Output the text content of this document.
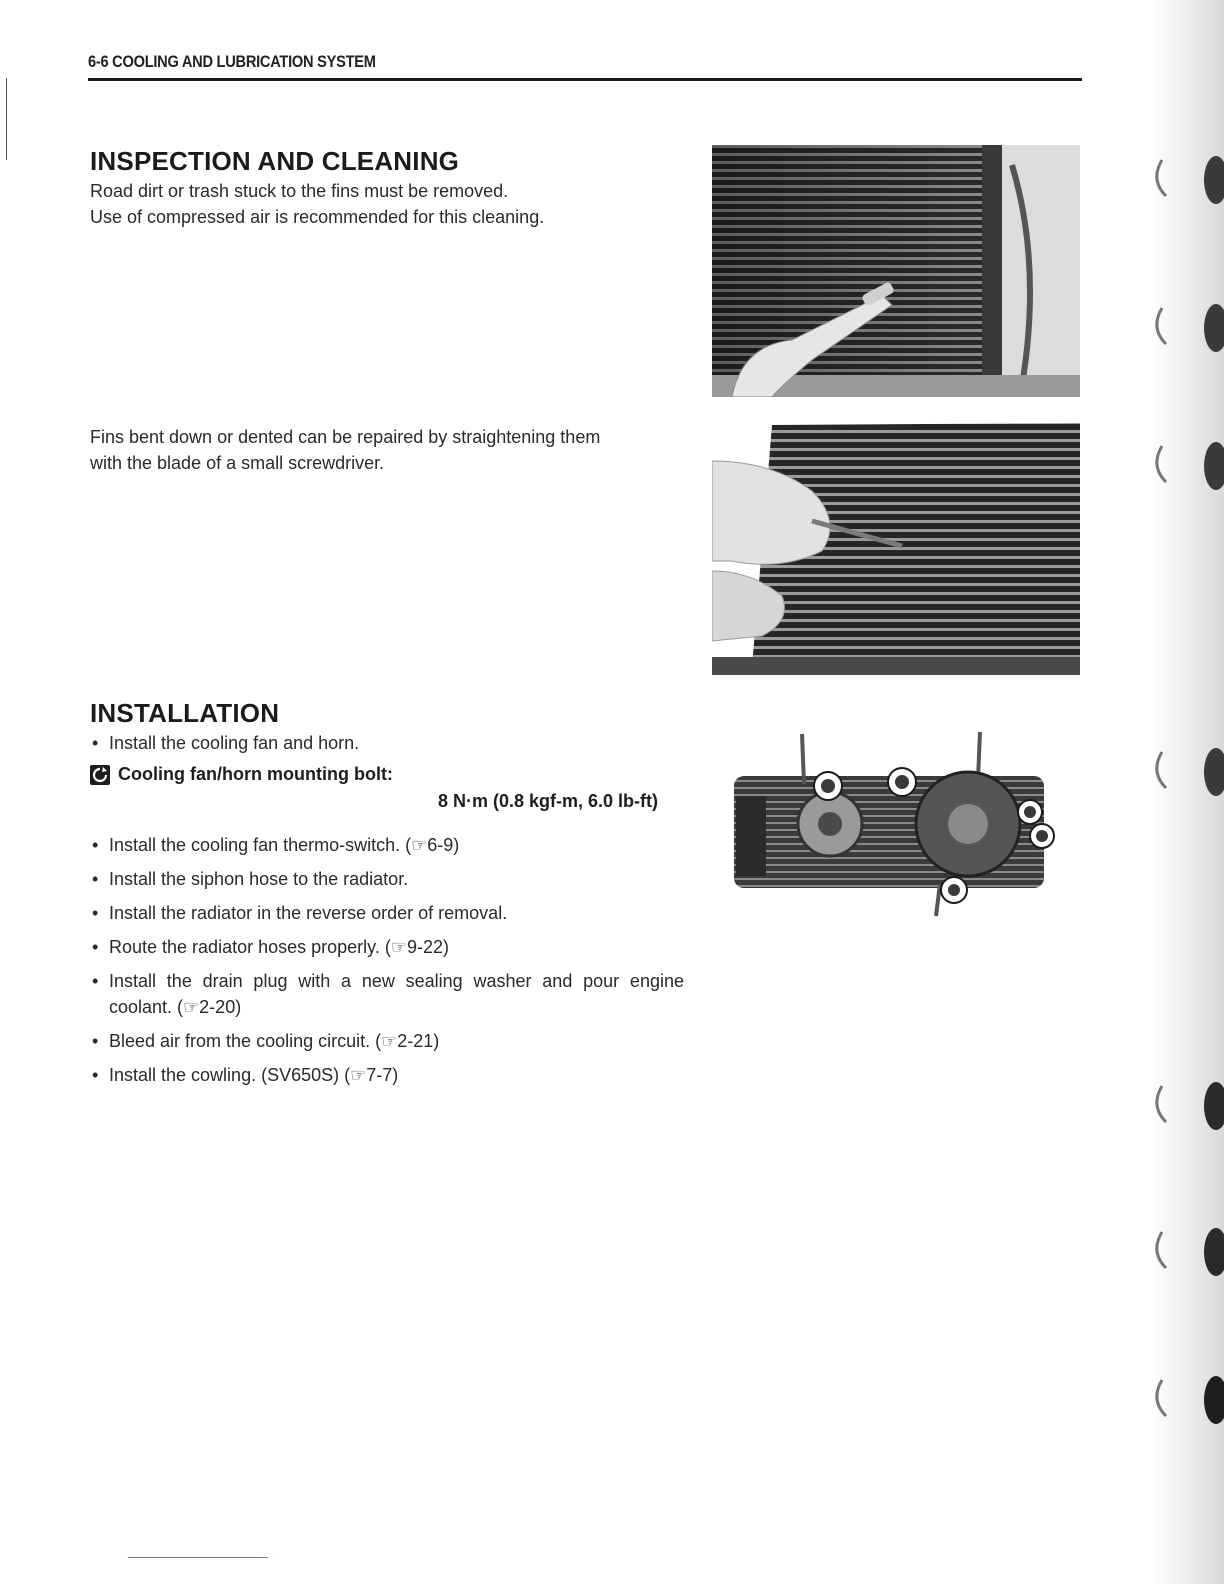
6-6 COOLING AND LUBRICATION SYSTEM
INSPECTION AND CLEANING

Road dirt or trash stuck to the fins must be removed.

Use of compressed air is recommended for this cleaning.

Fins bent down or dented can be repaired by straightening them

with the blade of a small screwdriver.

INSTALLATION
• Install the cooling fan and horn.
Cooling fan/horn mounting bolt:
8 N·m (0.8 kgf-m, 6.0 lb-ft)
• Install the cooling fan thermo-switch. (☞6-9)
• Install the siphon hose to the radiator.
• Install the radiator in the reverse order of removal.
• Route the radiator hoses properly. (☞9-22)
• Install the drain plug with a new sealing washer and pour engine coolant. (☞2-20)
• Bleed air from the cooling circuit. (☞2-21)
• Install the cowling. (SV650S) (☞7-7)
